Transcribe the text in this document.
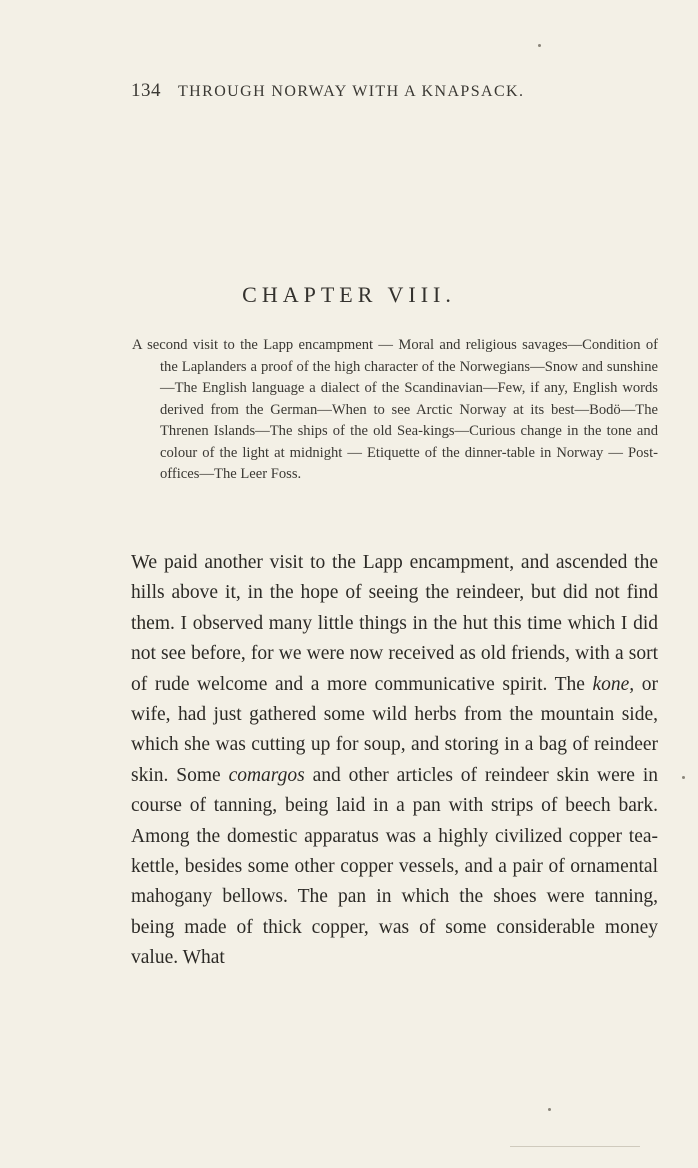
134 THROUGH NORWAY WITH A KNAPSACK.
CHAPTER VIII.
A second visit to the Lapp encampment — Moral and religious savages—Condition of the Laplanders a proof of the high character of the Norwegians—Snow and sunshine—The English language a dialect of the Scandinavian—Few, if any, English words derived from the German—When to see Arctic Norway at its best—Bodö—The Threnen Islands—The ships of the old Sea-kings—Curious change in the tone and colour of the light at midnight — Etiquette of the dinner-table in Norway — Post-offices—The Leer Foss.
We paid another visit to the Lapp encampment, and ascended the hills above it, in the hope of seeing the reindeer, but did not find them. I observed many little things in the hut this time which I did not see before, for we were now received as old friends, with a sort of rude welcome and a more communicative spirit. The kone, or wife, had just gathered some wild herbs from the mountain side, which she was cutting up for soup, and storing in a bag of reindeer skin. Some comargos and other articles of reindeer skin were in course of tanning, being laid in a pan with strips of beech bark. Among the domestic apparatus was a highly civilized copper tea-kettle, besides some other copper vessels, and a pair of ornamental mahogany bellows. The pan in which the shoes were tanning, being made of thick copper, was of some considerable money value. What
